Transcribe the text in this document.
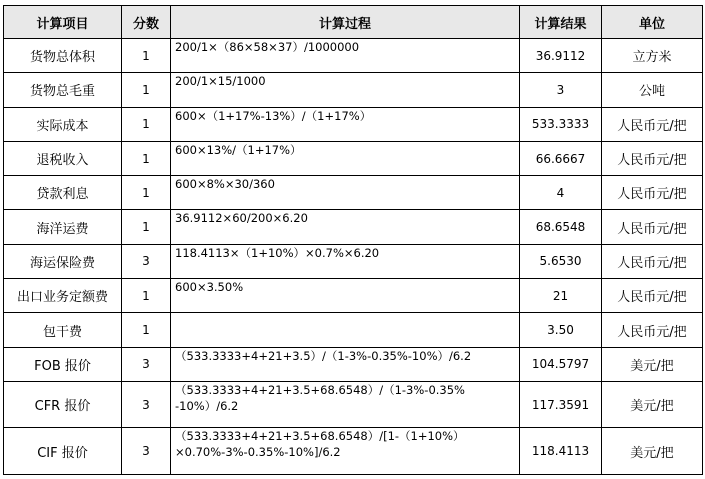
计算项目	分数	计算过程	计算结果	单位
货物总体积	1	200/1×（86×58×37）/1000000	36.9112	立方米
货物总毛重	1	200/1×15/1000	3	公吨
实际成本	1	600×（1+17%-13%）/（1+17%）	533.3333	人民币元/把
退税收入	1	600×13%/（1+17%）	66.6667	人民币元/把
贷款利息	1	600×8%×30/360	4	人民币元/把
海洋运费	1	36.9112×60/200×6.20	68.6548	人民币元/把
海运保险费	3	118.4113×（1+10%）×0.7%×6.20	5.6530	人民币元/把
出口业务定额费	1	600×3.50%	21	人民币元/把
包干费	1		3.50	人民币元/把
FOB 报价	3	（533.3333+4+21+3.5）/（1-3%-0.35%-10%）/6.2	104.5797	美元/把
CFR 报价	3	（533.3333+4+21+3.5+68.6548）/（1-3%-0.35%
-10%）/6.2	117.3591	美元/把
CIF 报价	3	（533.3333+4+21+3.5+68.6548）/[1-（1+10%）
×0.70%-3%-0.35%-10%]/6.2	118.4113	美元/把
